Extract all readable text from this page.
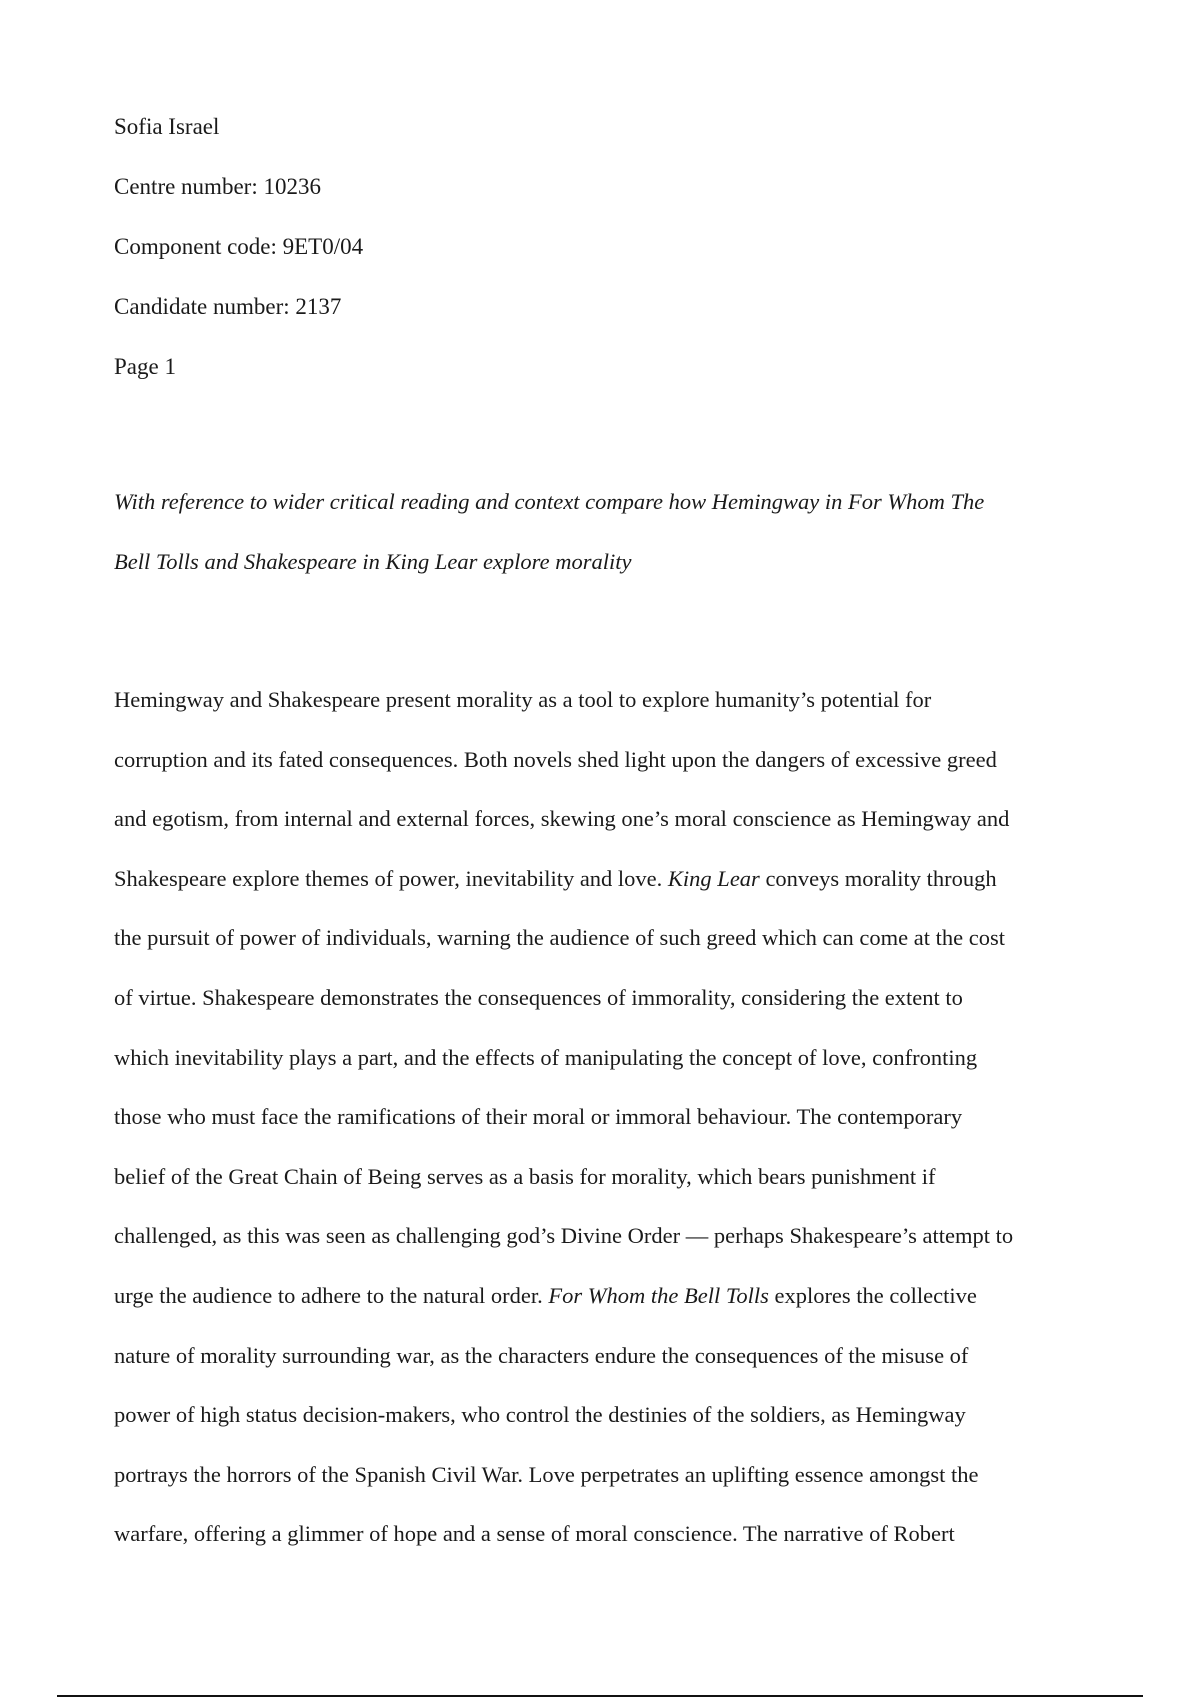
Sofia Israel
Centre number: 10236
Component code: 9ET0/04
Candidate number: 2137
Page 1
With reference to wider critical reading and context compare how Hemingway in For Whom The
Bell Tolls and Shakespeare in King Lear explore morality
Hemingway and Shakespeare present morality as a tool to explore humanity’s potential for
corruption and its fated consequences. Both novels shed light upon the dangers of excessive greed
and egotism, from internal and external forces, skewing one’s moral conscience as Hemingway and
Shakespeare explore themes of power, inevitability and love. King Lear conveys morality through
the pursuit of power of individuals, warning the audience of such greed which can come at the cost
of virtue. Shakespeare demonstrates the consequences of immorality, considering the extent to
which inevitability plays a part, and the effects of manipulating the concept of love, confronting
those who must face the ramifications of their moral or immoral behaviour. The contemporary
belief of the Great Chain of Being serves as a basis for morality, which bears punishment if
challenged, as this was seen as challenging god’s Divine Order — perhaps Shakespeare’s attempt to
urge the audience to adhere to the natural order. For Whom the Bell Tolls explores the collective
nature of morality surrounding war, as the characters endure the consequences of the misuse of
power of high status decision-makers, who control the destinies of the soldiers, as Hemingway
portrays the horrors of the Spanish Civil War. Love perpetrates an uplifting essence amongst the
warfare, offering a glimmer of hope and a sense of moral conscience. The narrative of Robert
